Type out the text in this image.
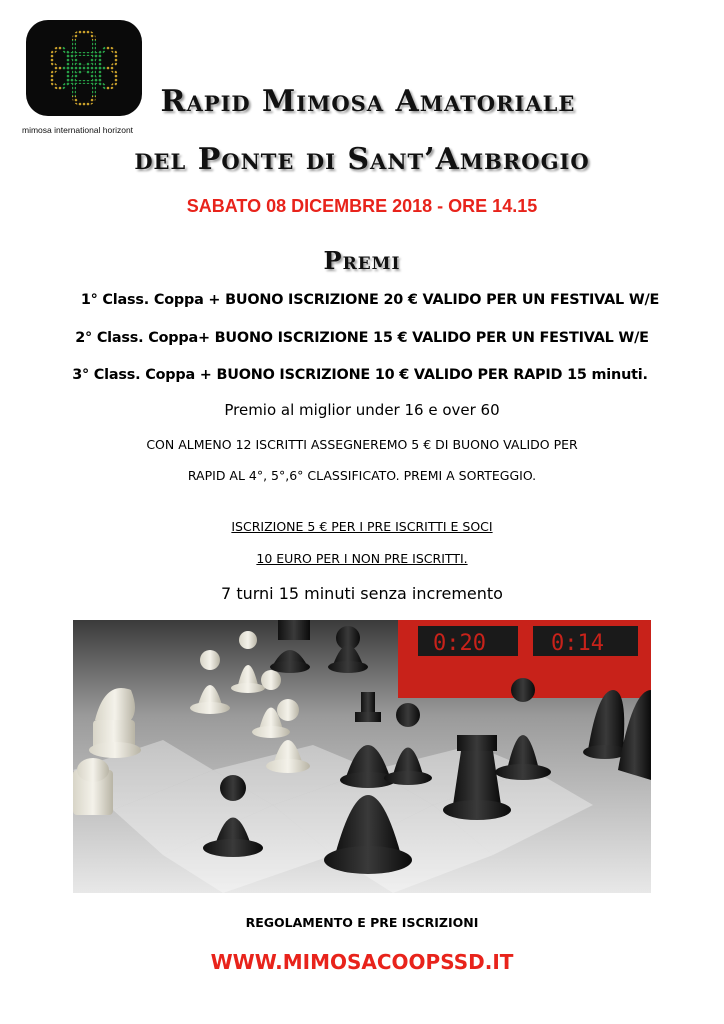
mimosa international horizont
Rapid Mimosa Amatoriale
del Ponte di Sant’Ambrogio
SABATO 08 DICEMBRE 2018 - ORE 14.15
Premi
1° Class. Coppa + BUONO ISCRIZIONE 20 € VALIDO PER UN FESTIVAL W/E
2° Class. Coppa+ BUONO ISCRIZIONE 15 € VALIDO PER UN FESTIVAL W/E
3° Class. Coppa + BUONO ISCRIZIONE 10 € VALIDO PER RAPID 15 minuti.
Premio al miglior under 16 e over 60
CON ALMENO 12 ISCRITTI ASSEGNEREMO 5 € DI BUONO VALIDO PER
RAPID AL 4°, 5°,6° CLASSIFICATO. PREMI A SORTEGGIO.
ISCRIZIONE 5 € PER I PRE ISCRITTI E SOCI
10 EURO PER I NON PRE ISCRITTI.
7 turni 15 minuti senza incremento
0:20	0:14
REGOLAMENTO E PRE ISCRIZIONI
WWW.MIMOSACOOPSSD.IT
